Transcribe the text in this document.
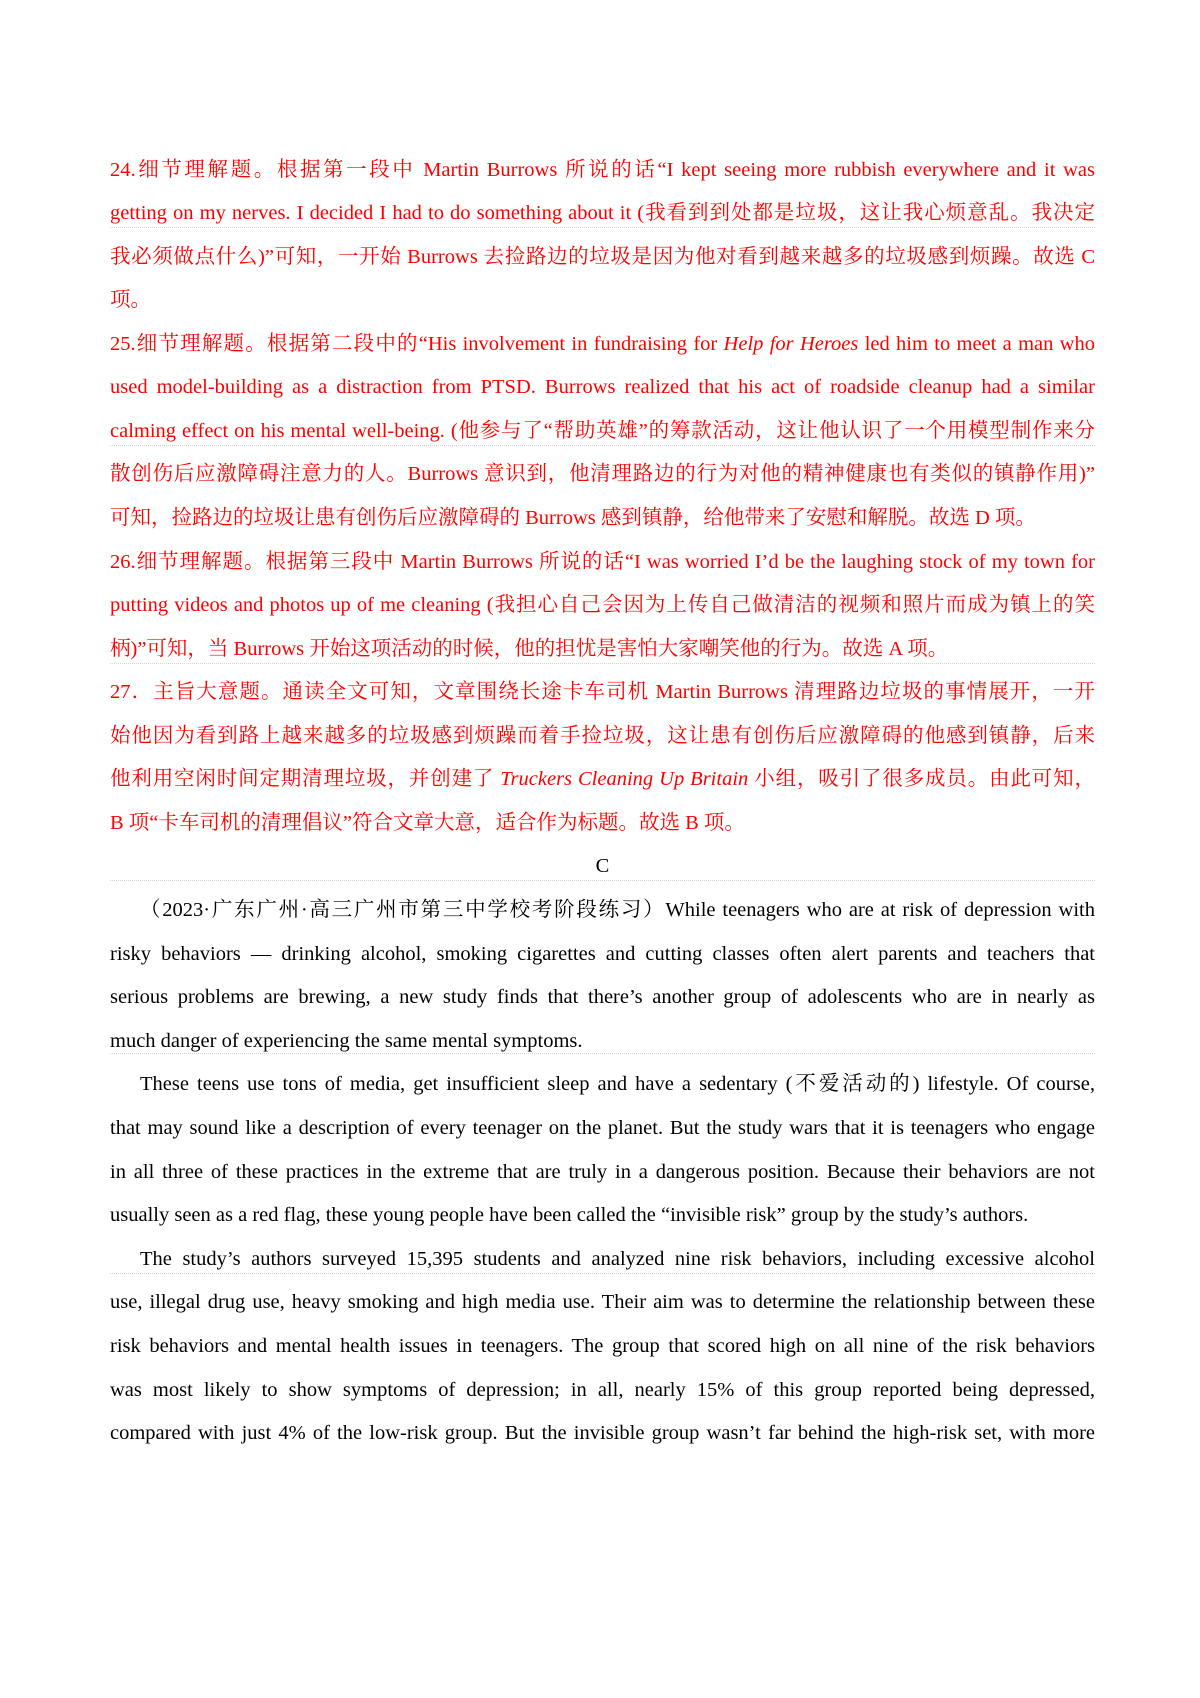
24.细节理解题。根据第一段中 Martin Burrows 所说的话“I kept seeing more rubbish everywhere and it was
getting on my nerves. I decided I had to do something about it (我看到到处都是垃圾，这让我心烦意乱。我决定
我必须做点什么)”可知，一开始 Burrows 去捡路边的垃圾是因为他对看到越来越多的垃圾感到烦躁。故选 C
项。
25.细节理解题。根据第二段中的“His involvement in fundraising for Help for Heroes led him to meet a man who
used model-building as a distraction from PTSD. Burrows realized that his act of roadside cleanup had a similar
calming effect on his mental well-being. (他参与了“帮助英雄”的筹款活动，这让他认识了一个用模型制作来分
散创伤后应激障碍注意力的人。Burrows 意识到，他清理路边的行为对他的精神健康也有类似的镇静作用)”
可知，捡路边的垃圾让患有创伤后应激障碍的 Burrows 感到镇静，给他带来了安慰和解脱。故选 D 项。
26.细节理解题。根据第三段中 Martin Burrows 所说的话“I was worried I’d be the laughing stock of my town for
putting videos and photos up of me cleaning (我担心自己会因为上传自己做清洁的视频和照片而成为镇上的笑
柄)”可知，当 Burrows 开始这项活动的时候，他的担忧是害怕大家嘲笑他的行为。故选 A 项。
27．主旨大意题。通读全文可知，文章围绕长途卡车司机 Martin Burrows 清理路边垃圾的事情展开，一开
始他因为看到路上越来越多的垃圾感到烦躁而着手捡垃圾，这让患有创伤后应激障碍的他感到镇静，后来
他利用空闲时间定期清理垃圾，并创建了 Truckers Cleaning Up Britain 小组，吸引了很多成员。由此可知，
B 项“卡车司机的清理倡议”符合文章大意，适合作为标题。故选 B 项。
C
（2023·广东广州·高三广州市第三中学校考阶段练习）While teenagers who are at risk of depression with
risky behaviors — drinking alcohol, smoking cigarettes and cutting classes often alert parents and teachers that
serious problems are brewing, a new study finds that there’s another group of adolescents who are in nearly as
much danger of experiencing the same mental symptoms.
These teens use tons of media, get insufficient sleep and have a sedentary (不爱活动的) lifestyle. Of course,
that may sound like a description of every teenager on the planet. But the study wars that it is teenagers who engage
in all three of these practices in the extreme that are truly in a dangerous position. Because their behaviors are not
usually seen as a red flag, these young people have been called the “invisible risk” group by the study’s authors.
The study’s authors surveyed 15,395 students and analyzed nine risk behaviors, including excessive alcohol
use, illegal drug use, heavy smoking and high media use. Their aim was to determine the relationship between these
risk behaviors and mental health issues in teenagers. The group that scored high on all nine of the risk behaviors
was most likely to show symptoms of depression; in all, nearly 15% of this group reported being depressed,
compared with just 4% of the low-risk group. But the invisible group wasn’t far behind the high-risk set, with more
